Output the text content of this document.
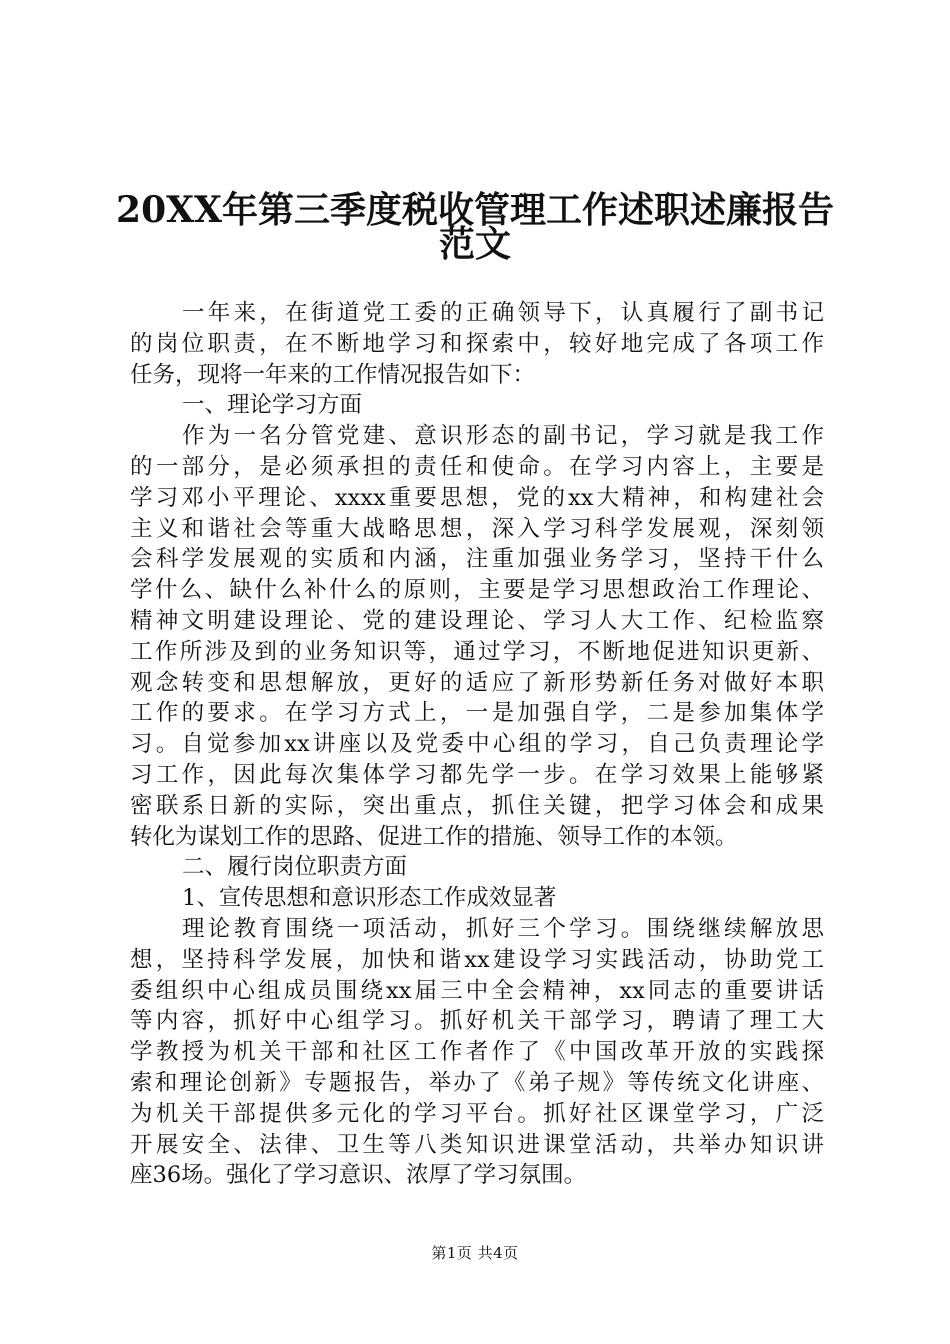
20XX年第三季度税收管理工作述职述廉报告
范文
一年来，在街道党工委的正确领导下，认真履行了副书记
的岗位职责，在不断地学习和探索中，较好地完成了各项工作
任务，现将一年来的工作情况报告如下：
一、理论学习方面
作为一名分管党建、意识形态的副书记，学习就是我工作
的一部分，是必须承担的责任和使命。在学习内容上，主要是
学习邓小平理论、xxxx重要思想，党的xx大精神，和构建社会
主义和谐社会等重大战略思想，深入学习科学发展观，深刻领
会科学发展观的实质和内涵，注重加强业务学习，坚持干什么
学什么、缺什么补什么的原则，主要是学习思想政治工作理论、
精神文明建设理论、党的建设理论、学习人大工作、纪检监察
工作所涉及到的业务知识等，通过学习，不断地促进知识更新、
观念转变和思想解放，更好的适应了新形势新任务对做好本职
工作的要求。在学习方式上，一是加强自学，二是参加集体学
习。自觉参加xx讲座以及党委中心组的学习，自己负责理论学
习工作，因此每次集体学习都先学一步。在学习效果上能够紧
密联系日新的实际，突出重点，抓住关键，把学习体会和成果
转化为谋划工作的思路、促进工作的措施、领导工作的本领。
二、履行岗位职责方面
1、宣传思想和意识形态工作成效显著
理论教育围绕一项活动，抓好三个学习。围绕继续解放思
想，坚持科学发展，加快和谐xx建设学习实践活动，协助党工
委组织中心组成员围绕xx届三中全会精神，xx同志的重要讲话
等内容，抓好中心组学习。抓好机关干部学习，聘请了理工大
学教授为机关干部和社区工作者作了《中国改革开放的实践探
索和理论创新》专题报告，举办了《弟子规》等传统文化讲座、
为机关干部提供多元化的学习平台。抓好社区课堂学习，广泛
开展安全、法律、卫生等八类知识进课堂活动，共举办知识讲
座36场。强化了学习意识、浓厚了学习氛围。
第1页 共4页
